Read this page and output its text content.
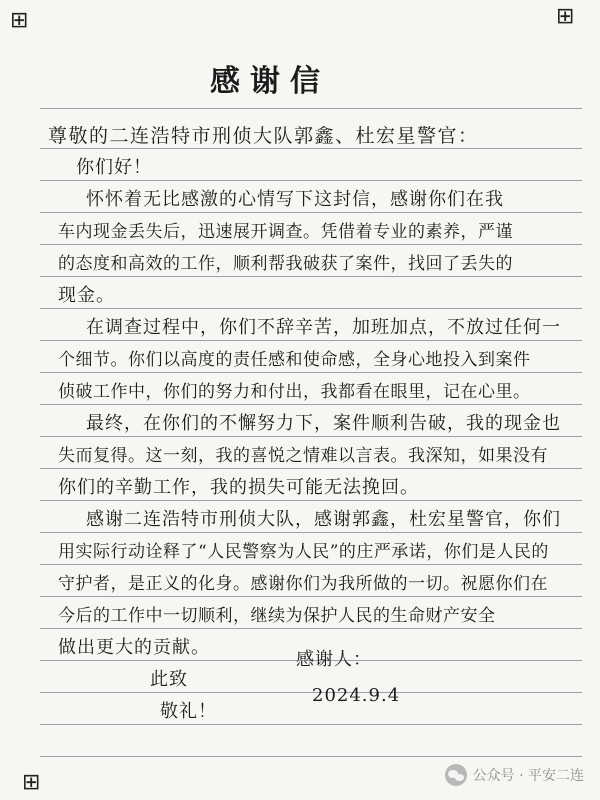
⊞	⊞
⊞
感谢信
尊敬的二连浩特市刑侦大队郭鑫、杜宏星警官：
你们好！
怀怀着无比感激的心情写下这封信，感谢你们在我
车内现金丢失后，迅速展开调查。凭借着专业的素养，严谨
的态度和高效的工作，顺利帮我破获了案件，找回了丢失的
现金。
在调查过程中，你们不辞辛苦，加班加点，不放过任何一
个细节。你们以高度的责任感和使命感，全身心地投入到案件
侦破工作中，你们的努力和付出，我都看在眼里，记在心里。
最终，在你们的不懈努力下，案件顺利告破，我的现金也
失而复得。这一刻，我的喜悦之情难以言表。我深知，如果没有
你们的辛勤工作，我的损失可能无法挽回。
感谢二连浩特市刑侦大队，感谢郭鑫，杜宏星警官，你们
用实际行动诠释了“人民警察为人民”的庄严承诺，你们是人民的
守护者，是正义的化身。感谢你们为我所做的一切。祝愿你们在
今后的工作中一切顺利，继续为保护人民的生命财产安全
做出更大的贡献。
此致
敬礼！
感谢人：
2024.9.4
公众号 · 平安二连
